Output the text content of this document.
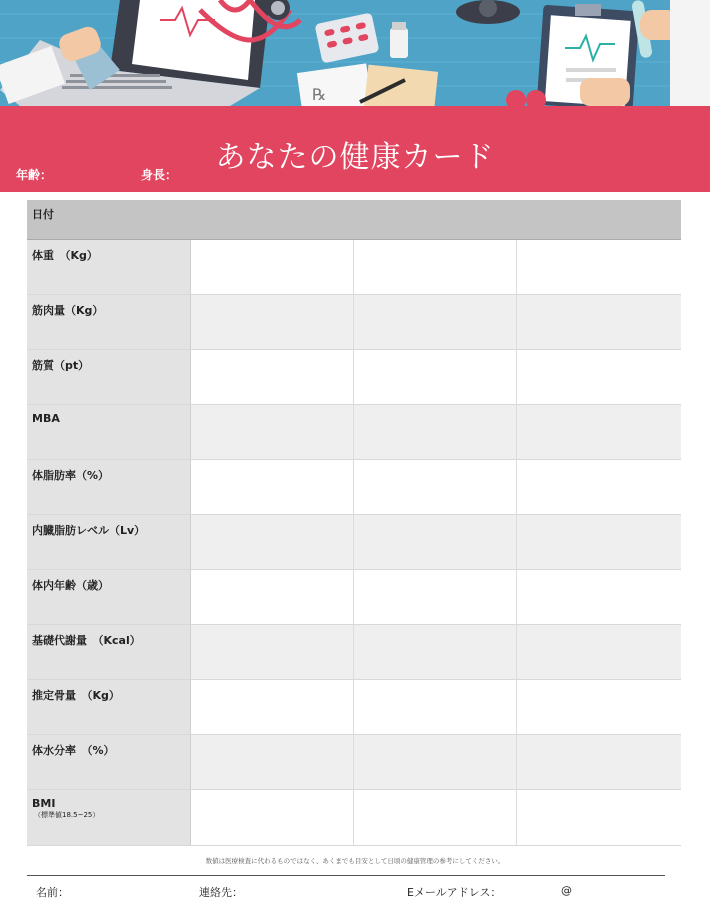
℞
あなたの健康カード
年齢：	身長：
日付
体重　（Kg）
筋肉量（Kg）
筋質（pt）
MBA
体脂肪率（%）
内臓脂肪レベル（Lv）
体内年齢（歳）
基礎代謝量　（Kcal）
推定骨量　（Kg）
体水分率　（%）
BMI
（標準値18.5~25）
数値は医療検査に代わるものではなく、あくまでも目安として日頃の健康管理の参考にしてください。
名前：	連絡先：	Eメールアドレス：	@
